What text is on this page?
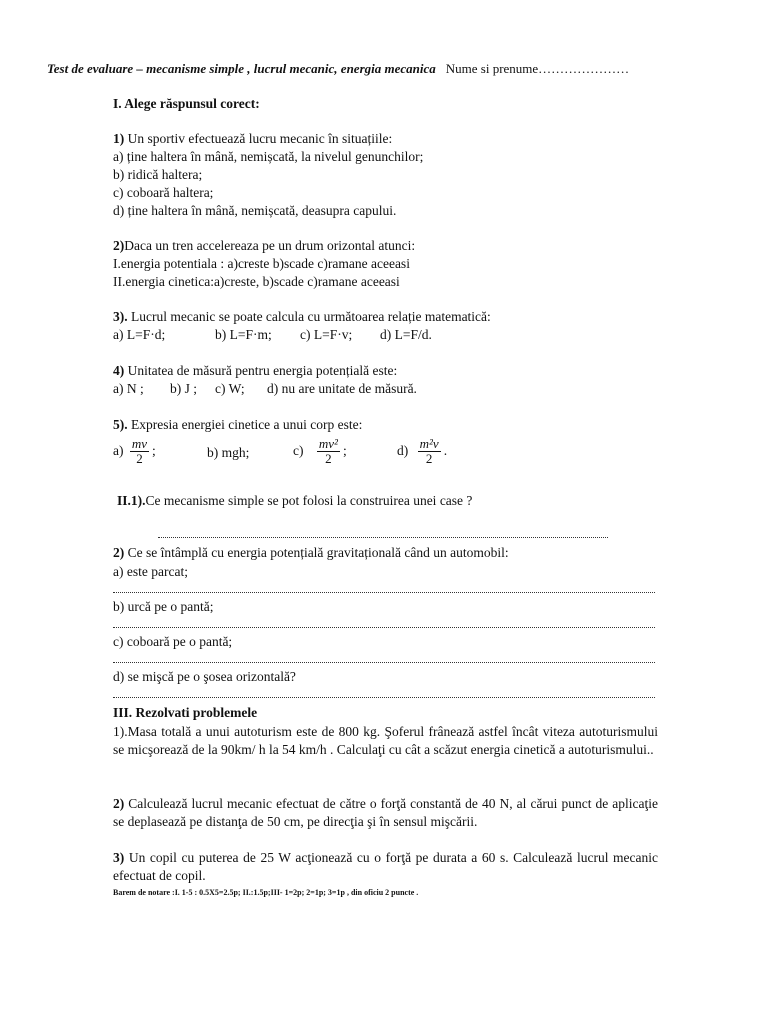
Test de evaluare – mecanisme simple , lucrul mecanic, energia mecanica Nume si prenume…………………
I. Alege răspunsul corect:
1) Un sportiv efectuează lucru mecanic în situațiile:
a) ține haltera în mână, nemișcată, la nivelul genunchilor;
b) ridică haltera;
c) coboară haltera;
d) ține haltera în mână, nemișcată, deasupra capului.
2)Daca un tren accelereaza pe un drum orizontal atunci:
I.energia potentiala : a)creste b)scade c)ramane aceeasi
II.energia cinetica:a)creste, b)scade c)ramane aceeasi
3). Lucrul mecanic se poate calcula cu următoarea relație matematică:
a) L=F·d;	b) L=F·m; c) L=F·v; d) L=F/d.
4) Unitatea de măsură pentru energia potențială este:
a) N ; b) J ; c) W; d) nu are unitate de măsură.
5). Expresia energiei cinetice a unui corp este:
$a) \frac{mv}{2}$ ;	b) mgh;	$c) \frac{\text{mv²}}{2}$ ;	$d) \frac{\text{m²v}}{2}$ .
II.1).Ce mecanisme simple se pot folosi la construirea unei case ?
2) Ce se întâmplă cu energia potențială gravitațională când un automobil:
a) este parcat;
b) urcă pe o pantă;
c) coboară pe o pantă;
d) se mişcă pe o şosea orizontală?
III. Rezolvati problemele
1).Masa totală a unui autoturism este de 800 kg. Şoferul frânează astfel încât viteza autoturismului se micşorează de la 90km/ h la 54 km/h . Calculaţi cu cât a scăzut energia cinetică a autoturismului..
2) Calculează lucrul mecanic efectuat de către o forţă constantă de 40 N, al cărui punct de aplicaţie se deplasează pe distanţa de 50 cm, pe direcţia şi în sensul mişcării.
3) Un copil cu puterea de 25 W acţionează cu o forţă pe durata a 60 s. Calculează lucrul mecanic efectuat de copil.
Barem de notare :I. 1-5 : 0.5X5=2.5p; II.:1.5p;III- 1=2p; 2=1p; 3=1p , din oficiu 2 puncte .
